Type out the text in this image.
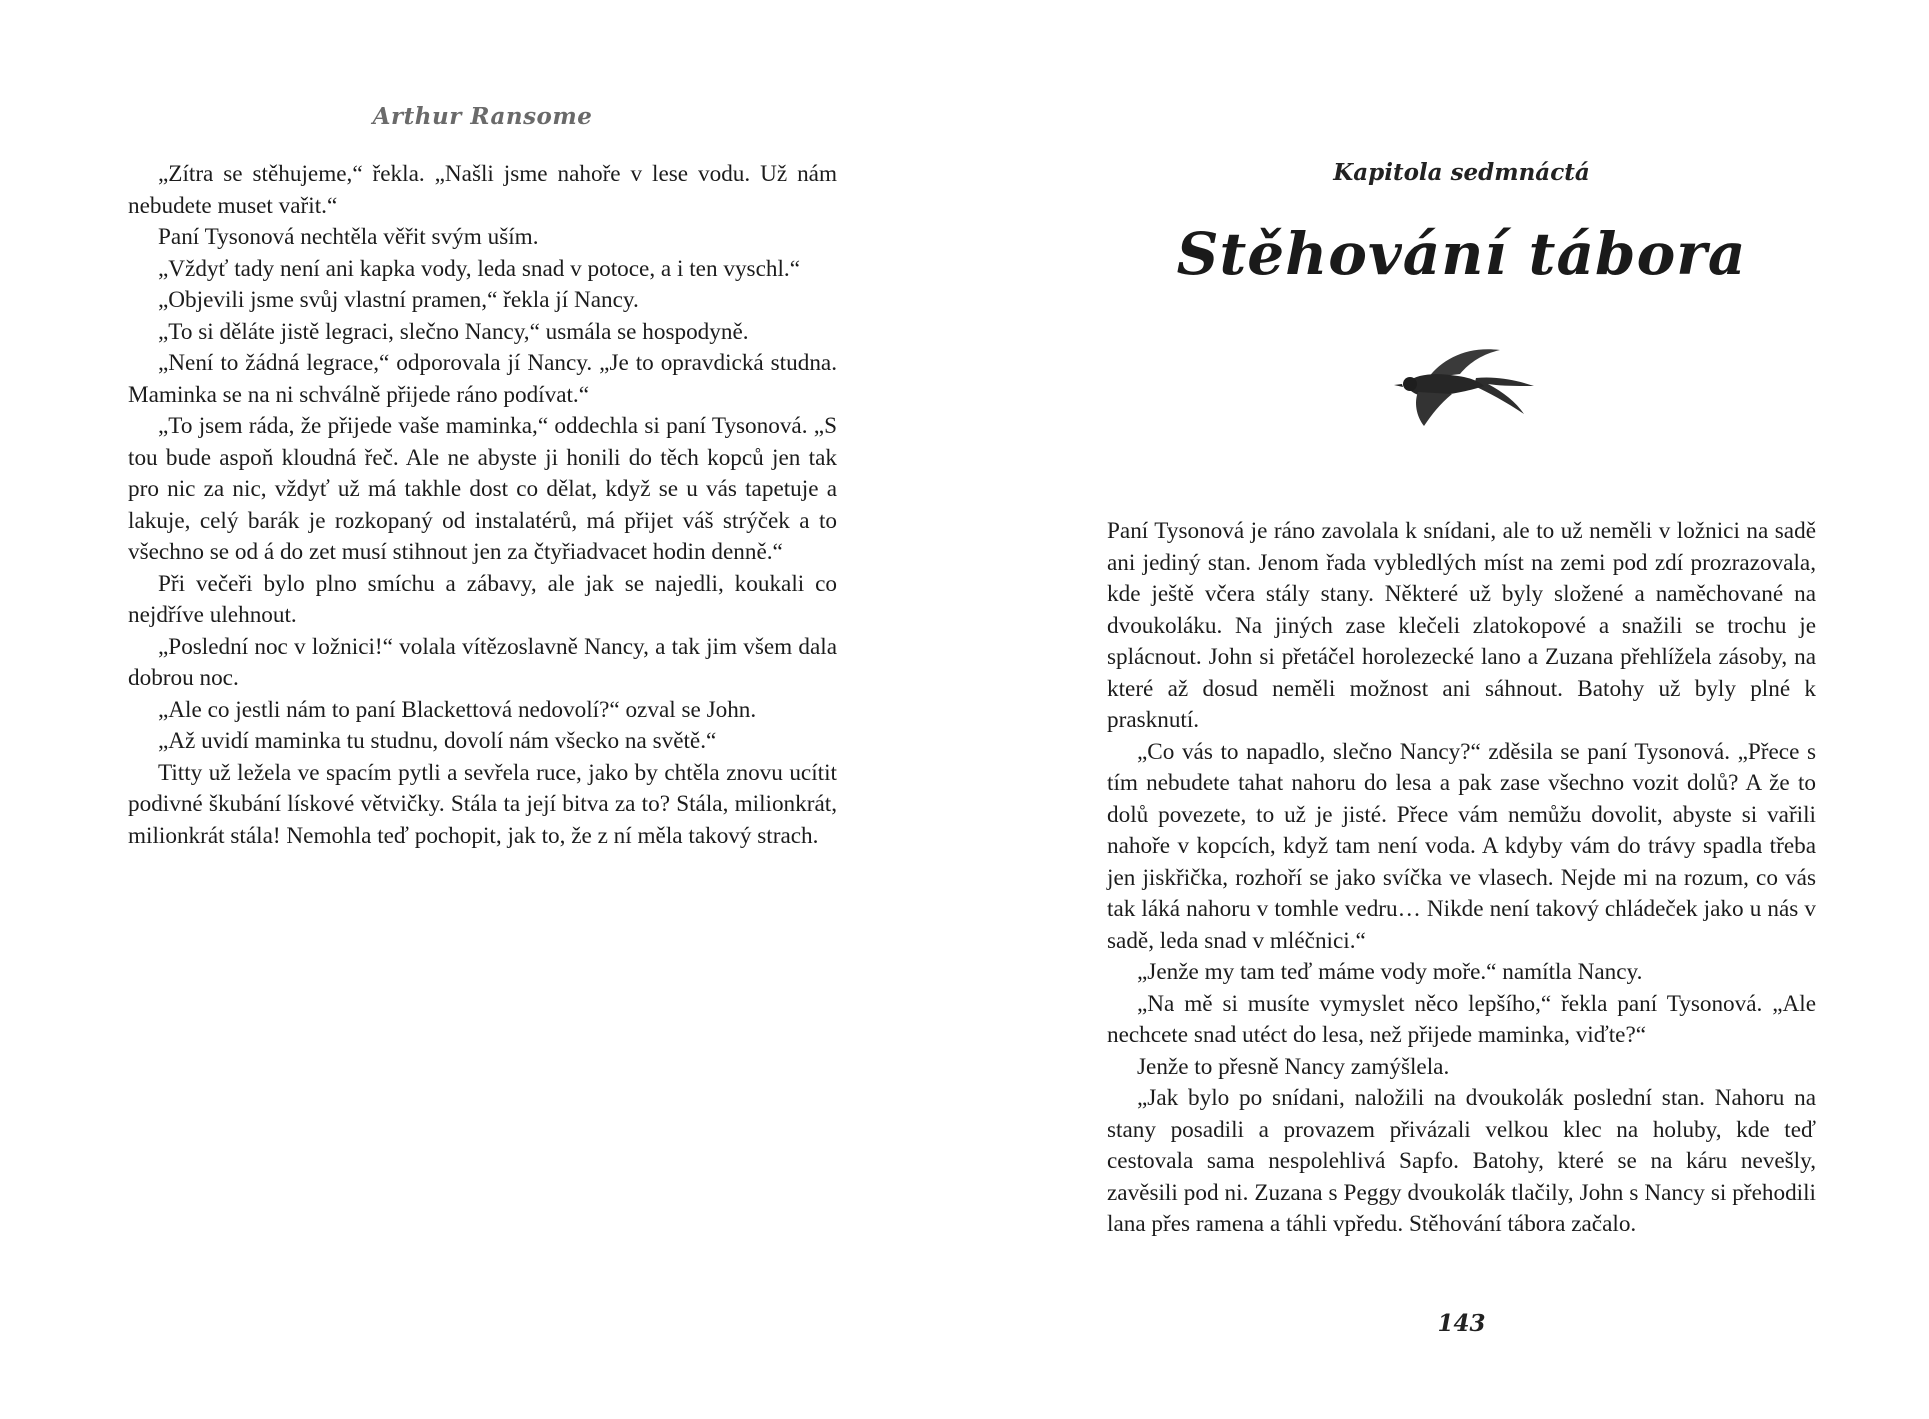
Arthur Ransome

„Zítra se stěhujeme,“ řekla. „Našli jsme nahoře v lese vodu. Už nám nebudete muset vařit.“

Paní Tysonová nechtěla věřit svým uším.

„Vždyť tady není ani kapka vody, leda snad v potoce, a i ten vyschl.“

„Objevili jsme svůj vlastní pramen,“ řekla jí Nancy.

„To si děláte jistě legraci, slečno Nancy,“ usmála se hospodyně.

„Není to žádná legrace,“ odporovala jí Nancy. „Je to opravdická studna. Maminka se na ni schválně přijede ráno podívat.“

„To jsem ráda, že přijede vaše maminka,“ oddechla si paní Tysonová. „S tou bude aspoň kloudná řeč. Ale ne abyste ji honili do těch kopců jen tak pro nic za nic, vždyť už má takhle dost co dělat, když se u vás tapetuje a lakuje, celý barák je rozkopaný od instalatérů, má přijet váš strýček a to všechno se od á do zet musí stihnout jen za čtyřiadvacet hodin denně.“

Při večeři bylo plno smíchu a zábavy, ale jak se najedli, koukali co nejdříve ulehnout.

„Poslední noc v ložnici!“ volala vítězoslavně Nancy, a tak jim všem dala dobrou noc.

„Ale co jestli nám to paní Blackettová nedovolí?“ ozval se John.

„Až uvidí maminka tu studnu, dovolí nám všecko na světě.“

Titty už ležela ve spacím pytli a sevřela ruce, jako by chtěla znovu ucítit podivné škubání lískové větvičky. Stála ta její bitva za to? Stála, milionkrát, milionkrát stála! Nemohla teď pochopit, jak to, že z ní měla takový strach.

Kapitola sedmnáctá
Stěhování tábora

Paní Tysonová je ráno zavolala k snídani, ale to už neměli v ložnici na sadě ani jediný stan. Jenom řada vybledlých míst na zemi pod zdí prozrazovala, kde ještě včera stály stany. Některé už byly složené a naměchované na dvoukoláku. Na jiných zase klečeli zlatokopové a snažili se trochu je splácnout. John si přetáčel horolezecké lano a Zuzana přehlížela zásoby, na které až dosud neměli možnost ani sáhnout. Batohy už byly plné k prasknutí.

„Co vás to napadlo, slečno Nancy?“ zděsila se paní Tysonová. „Přece s tím nebudete tahat nahoru do lesa a pak zase všechno vozit dolů? A že to dolů povezete, to už je jisté. Přece vám nemůžu dovolit, abyste si vařili nahoře v kopcích, když tam není voda. A kdyby vám do trávy spadla třeba jen jiskřička, rozhoří se jako svíčka ve vlasech. Nejde mi na rozum, co vás tak láká nahoru v tomhle vedru… Nikde není takový chládeček jako u nás v sadě, leda snad v mléčnici.“

„Jenže my tam teď máme vody moře.“ namítla Nancy.

„Na mě si musíte vymyslet něco lepšího,“ řekla paní Tysonová. „Ale nechcete snad utéct do lesa, než přijede maminka, viďte?“

Jenže to přesně Nancy zamýšlela.

„Jak bylo po snídani, naložili na dvoukolák poslední stan. Nahoru na stany posadili a provazem přivázali velkou klec na holuby, kde teď cestovala sama nespolehlivá Sapfo. Batohy, které se na káru nevešly, zavěsili pod ni. Zuzana s Peggy dvoukolák tlačily, John s Nancy si přehodili lana přes ramena a táhli vpředu. Stěhování tábora začalo.

143
